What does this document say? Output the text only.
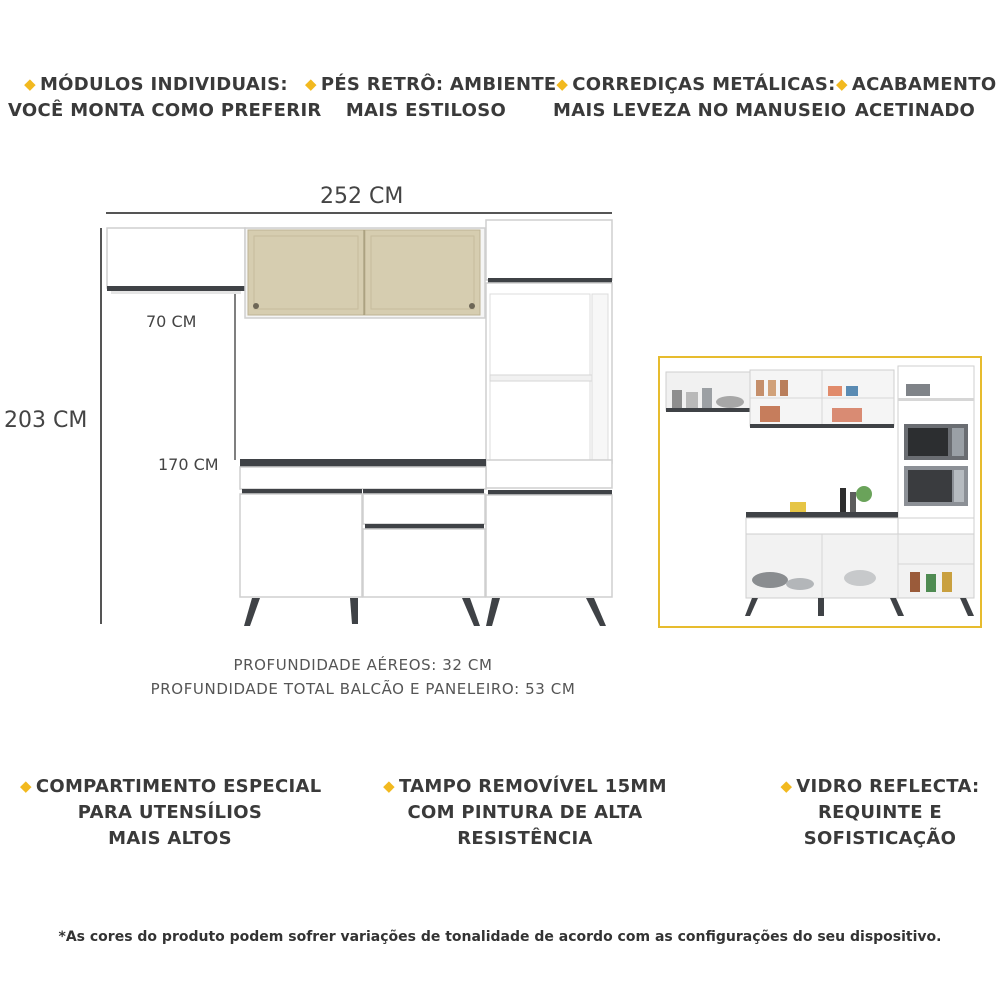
◆ MÓDULOS INDIVIDUAIS:
VOCÊ MONTA COMO PREFERIR
◆ PÉS RETRÔ: AMBIENTE
MAIS ESTILOSO
◆ CORREDIÇAS METÁLICAS:
MAIS LEVEZA NO MANUSEIO
◆ ACABAMENTO
ACETINADO
252 CM
203 CM
70 CM
170 CM
PROFUNDIDADE AÉREOS: 32 CM
PROFUNDIDADE TOTAL BALCÃO E PANELEIRO: 53 CM
◆ COMPARTIMENTO ESPECIAL
PARA UTENSÍLIOS
MAIS ALTOS
◆ TAMPO REMOVÍVEL 15MM
COM PINTURA DE ALTA
RESISTÊNCIA
◆ VIDRO REFLECTA:
REQUINTE E
SOFISTICAÇÃO
*As cores do produto podem sofrer variações de tonalidade de acordo com as configurações do seu dispositivo.
